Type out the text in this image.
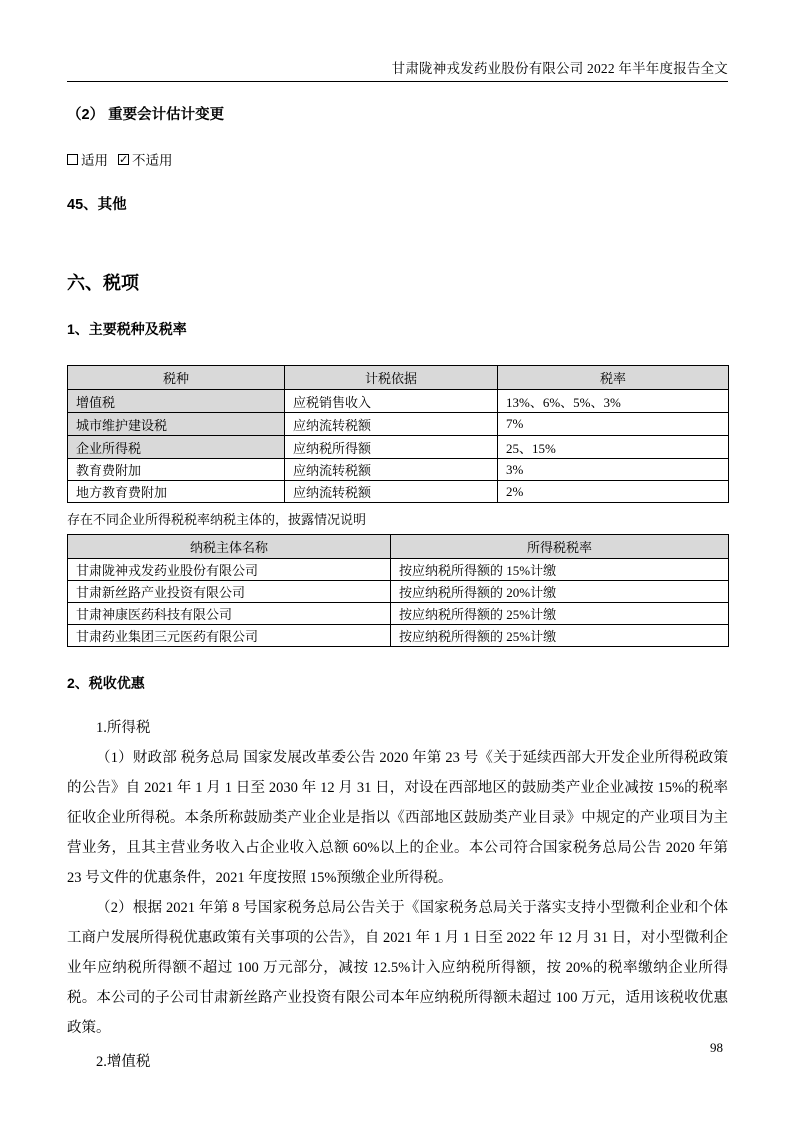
甘肃陇神戎发药业股份有限公司 2022 年半年度报告全文
（2） 重要会计估计变更
适用 ✓ 不适用
45、其他
六、税项
1、主要税种及税率
税种	计税依据	税率
增值税	应税销售收入	13%、6%、5%、3%
城市维护建设税	应纳流转税额	7%
企业所得税	应纳税所得额	25、15%
教育费附加	应纳流转税额	3%
地方教育费附加	应纳流转税额	2%
存在不同企业所得税税率纳税主体的，披露情况说明
纳税主体名称	所得税税率
甘肃陇神戎发药业股份有限公司	按应纳税所得额的 15%计缴
甘肃新丝路产业投资有限公司	按应纳税所得额的 20%计缴
甘肃神康医药科技有限公司	按应纳税所得额的 25%计缴
甘肃药业集团三元医药有限公司	按应纳税所得额的 25%计缴
2、税收优惠
1.所得税

（1）财政部 税务总局 国家发展改革委公告 2020 年第 23 号《关于延续西部大开发企业所得税政策的公告》自 2021 年 1 月 1 日至 2030 年 12 月 31 日，对设在西部地区的鼓励类产业企业减按 15%的税率征收企业所得税。本条所称鼓励类产业企业是指以《西部地区鼓励类产业目录》中规定的产业项目为主营业务，且其主营业务收入占企业收入总额 60%以上的企业。本公司符合国家税务总局公告 2020 年第 23 号文件的优惠条件，2021 年度按照 15%预缴企业所得税。

（2）根据 2021 年第 8 号国家税务总局公告关于《国家税务总局关于落实支持小型微利企业和个体工商户发展所得税优惠政策有关事项的公告》，自 2021 年 1 月 1 日至 2022 年 12 月 31 日，对小型微利企业年应纳税所得额不超过 100 万元部分，减按 12.5%计入应纳税所得额，按 20%的税率缴纳企业所得税。本公司的子公司甘肃新丝路产业投资有限公司本年应纳税所得额未超过 100 万元，适用该税收优惠政策。

2.增值税
98
